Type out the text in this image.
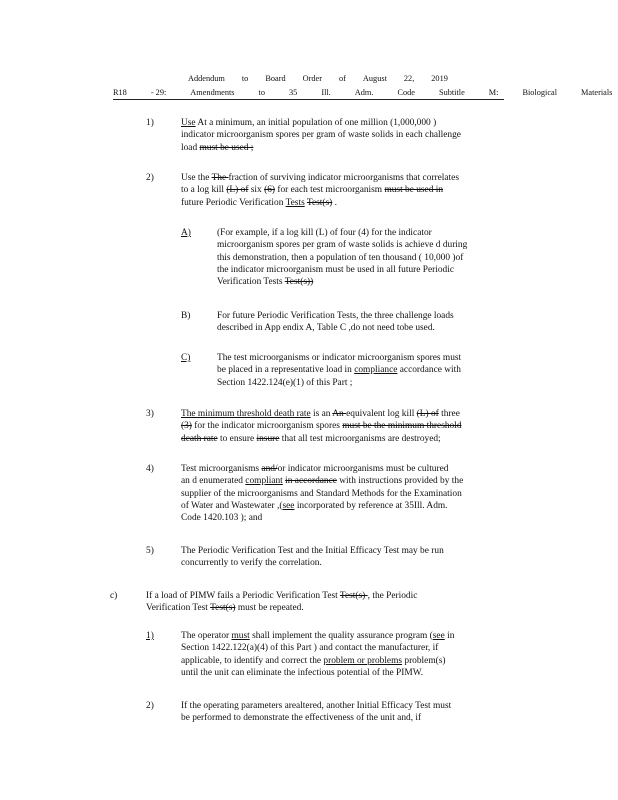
Addendum to Board Order of August 22, 2019
R18	- 29:	Amendments	to	35	Ill.	Adm.	Code	Subtitle	M:	Biological	Materials
1)	Use At a minimum, an initial population of one million (1,000,000 )

indicator microorganism spores per gram of waste solids in each challenge

load must be used ;

2)	Use the The fraction of surviving indicator microorganisms that correlates

to a log kill (L) of six (6) for each test microorganism must be used in

future Periodic Verification Tests Test(s) .

A)	(For example, if a log kill (L) of four (4) for the indicator

microorganism spores per gram of waste solids is achieve d during

this demonstration, then a population of ten thousand ( 10,000 )of

the indicator microorganism must be used in all future Periodic

Verification Tests Test(s))

B)	For future Periodic Verification Tests, the three challenge loads

described in App endix A, Table C ,do not need tobe used.

C)	The test microorganisms or indicator microorganism spores must

be placed in a representative load in compliance accordance with

Section 1422.124(e)(1) of this Part ;

3)	The minimum threshold death rate is an An equivalent log kill (L) of three

(3) for the indicator microorganism spores must be the minimum threshold

death rate to ensure insure that all test microorganisms are destroyed;

4)	Test microorganisms and/or indicator microorganisms must be cultured

an d enumerated compliant in accordance with instructions provided by the

supplier of the microorganisms and Standard Methods for the Examination

of Water and Wastewater ,(see incorporated by reference at 35Ill. Adm.

Code 1420.103 ); and

5)	The Periodic Verification Test and the Initial Efficacy Test may be run

concurrently to verify the correlation.

c)	If a load of PIMW fails a Periodic Verification Test Test(s) , the Periodic

Verification Test Test(s) must be repeated.

1)	The operator must shall implement the quality assurance program (see in

Section 1422.122(a)(4) of this Part ) and contact the manufacturer, if

applicable, to identify and correct the problem or problems problem(s)

until the unit can eliminate the infectious potential of the PIMW.

2)	If the operating parameters arealtered, another Initial Efficacy Test must

be performed to demonstrate the effectiveness of the unit and, if
